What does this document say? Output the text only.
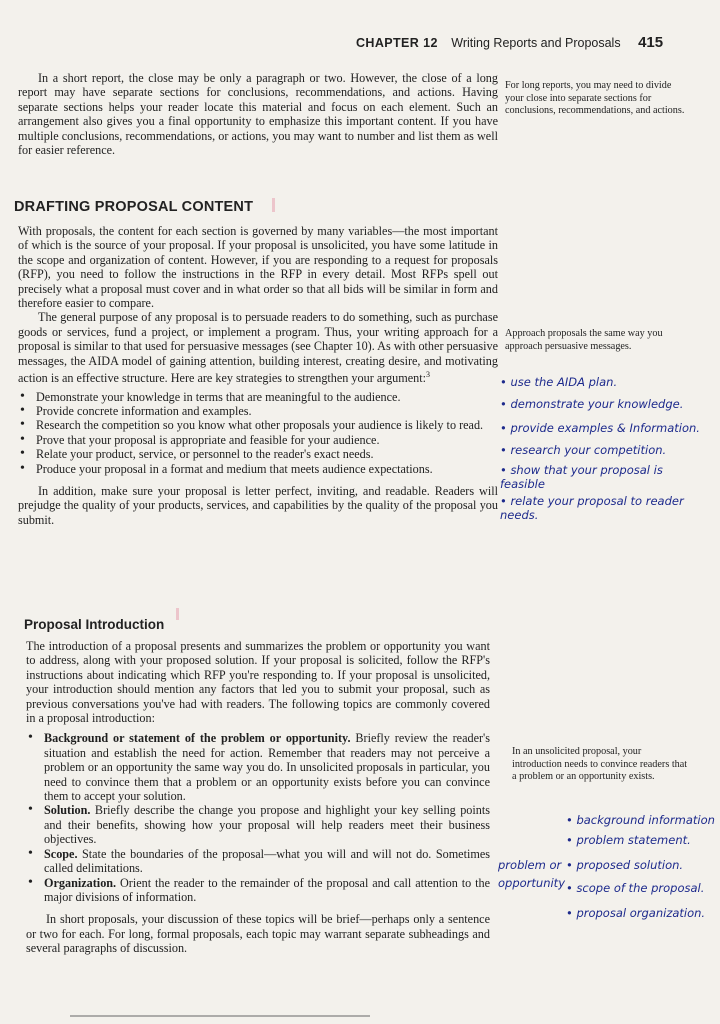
CHAPTER 12 Writing Reports and Proposals 415

In a short report, the close may be only a paragraph or two. However, the close of a long report may have separate sections for conclusions, recommendations, and actions. Having separate sections helps your reader locate this material and focus on each element. Such an arrangement also gives you a final opportunity to emphasize this important content. If you have multiple conclusions, recommendations, or actions, you may want to number and list them as well for easier reference.

For long reports, you may need to divide your close into separate sections for conclusions, recommendations, and actions.
DRAFTING PROPOSAL CONTENT

With proposals, the content for each section is governed by many variables—the most important of which is the source of your proposal. If your proposal is unsolicited, you have some latitude in the scope and organization of content. However, if you are responding to a request for proposals (RFP), you need to follow the instructions in the RFP in every detail. Most RFPs spell out precisely what a proposal must cover and in what order so that all bids will be similar in form and therefore easier to compare.

The general purpose of any proposal is to persuade readers to do something, such as purchase goods or services, fund a project, or implement a program. Thus, your writing approach for a proposal is similar to that used for persuasive messages (see Chapter 10). As with other persuasive messages, the AIDA model of gaining attention, building interest, creating desire, and motivating action is an effective structure. Here are key strategies to strengthen your argument:$^3$

• Demonstrate your knowledge in terms that are meaningful to the audience.
• Provide concrete information and examples.
• Research the competition so you know what other proposals your audience is likely to read.
• Prove that your proposal is appropriate and feasible for your audience.
• Relate your product, service, or personnel to the reader's exact needs.
• Produce your proposal in a format and medium that meets audience expectations.

In addition, make sure your proposal is letter perfect, inviting, and readable. Readers will prejudge the quality of your products, services, and capabilities by the quality of the proposal you submit.

Approach proposals the same way you approach persuasive messages.
• use the AIDA plan.
• demonstrate your knowledge.
• provide examples & Information.
• research your competition.
• show that your proposal is feasible
• relate your proposal to reader needs.
Proposal Introduction

The introduction of a proposal presents and summarizes the problem or opportunity you want to address, along with your proposed solution. If your proposal is solicited, follow the RFP's instructions about indicating which RFP you're responding to. If your proposal is unsolicited, your introduction should mention any factors that led you to submit your proposal, such as previous conversations you've had with readers. The following topics are commonly covered in a proposal introduction:

• Background or statement of the problem or opportunity. Briefly review the reader's situation and establish the need for action. Remember that readers may not perceive a problem or an opportunity the same way you do. In unsolicited proposals in particular, you need to convince them that a problem or an opportunity exists before you can convince them to accept your solution.
• Solution. Briefly describe the change you propose and highlight your key selling points and their benefits, showing how your proposal will help readers meet their business objectives.
• Scope. State the boundaries of the proposal—what you will and will not do. Sometimes called delimitations.
• Organization. Orient the reader to the remainder of the proposal and call attention to the major divisions of information.

In short proposals, your discussion of these topics will be brief—perhaps only a sentence or two for each. For long, formal proposals, each topic may warrant separate subheadings and several paragraphs of discussion.

In an unsolicited proposal, your introduction needs to convince readers that a problem or an opportunity exists.
• background information
• problem statement.
problem or
opportunity
• proposed solution.
• scope of the proposal.
• proposal organization.
